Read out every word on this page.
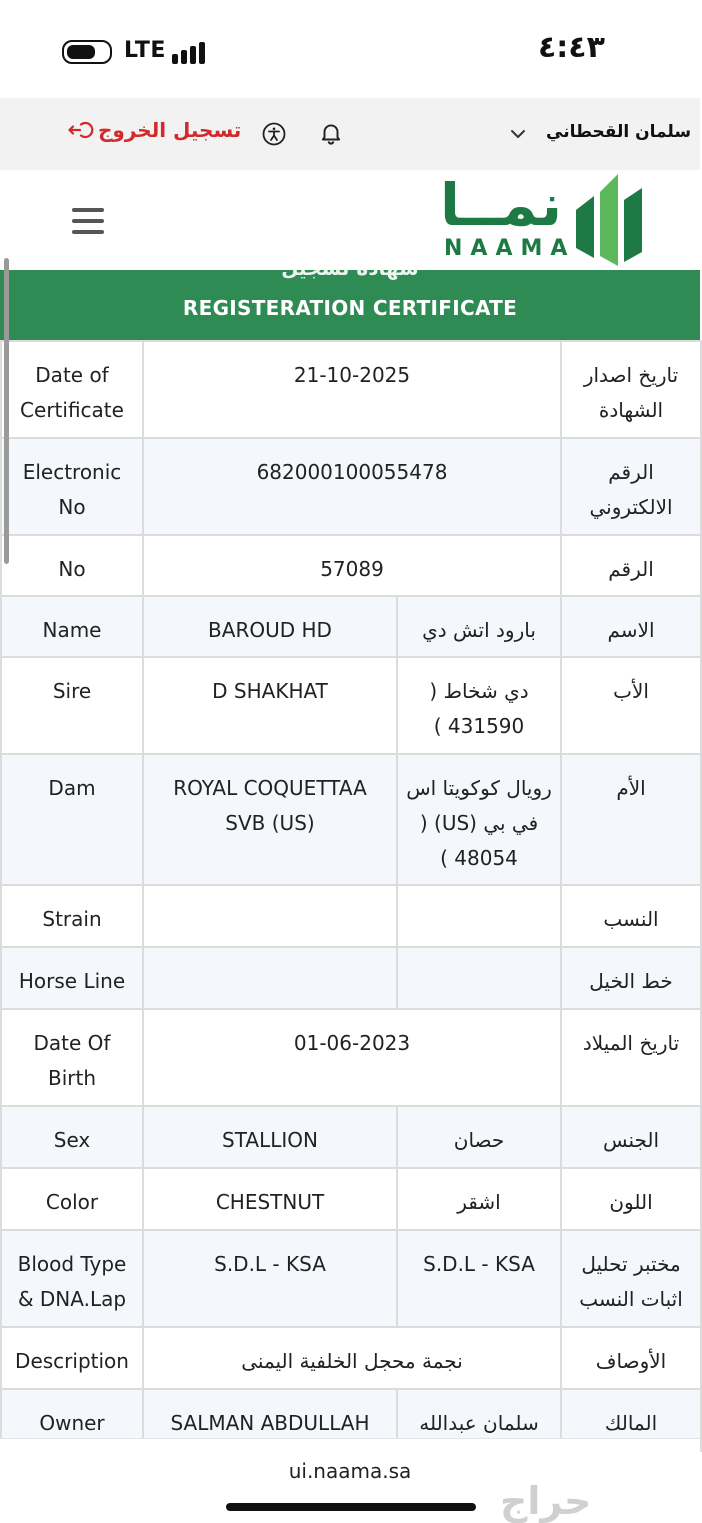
LTE	٤:٤٣
تسجيل الخروج	سلمان القحطاني
نمــا
NAAMA
شهادة تسجيل
REGISTERATION CERTIFICATE
Date of Certificate	21-10-2025		تاريخ اصدار الشهادة
Electronic No	682000100055478		الرقم الالكتروني
No	57089		الرقم
Name	BAROUD HD	بارود اتش دي	الاسم
Sire	D SHAKHAT	دي شخاط ( 431590 )	الأب
Dam	ROYAL COQUETTAA SVB (US)	رويال كوكويتا اس في بي (US) ( 48054 )	الأم
Strain			النسب
Horse Line			خط الخيل
Date Of Birth	01-06-2023		تاريخ الميلاد
Sex	STALLION	حصان	الجنس
Color	CHESTNUT	اشقر	اللون
Blood Type & DNA.Lap	S.D.L - KSA	S.D.L - KSA	مختبر تحليل اثبات النسب
Description	نجمة محجل الخلفية اليمنى		الأوصاف
Owner	SALMAN ABDULLAH	سلمان عبدالله	المالك
ui.naama.sa
حراج
